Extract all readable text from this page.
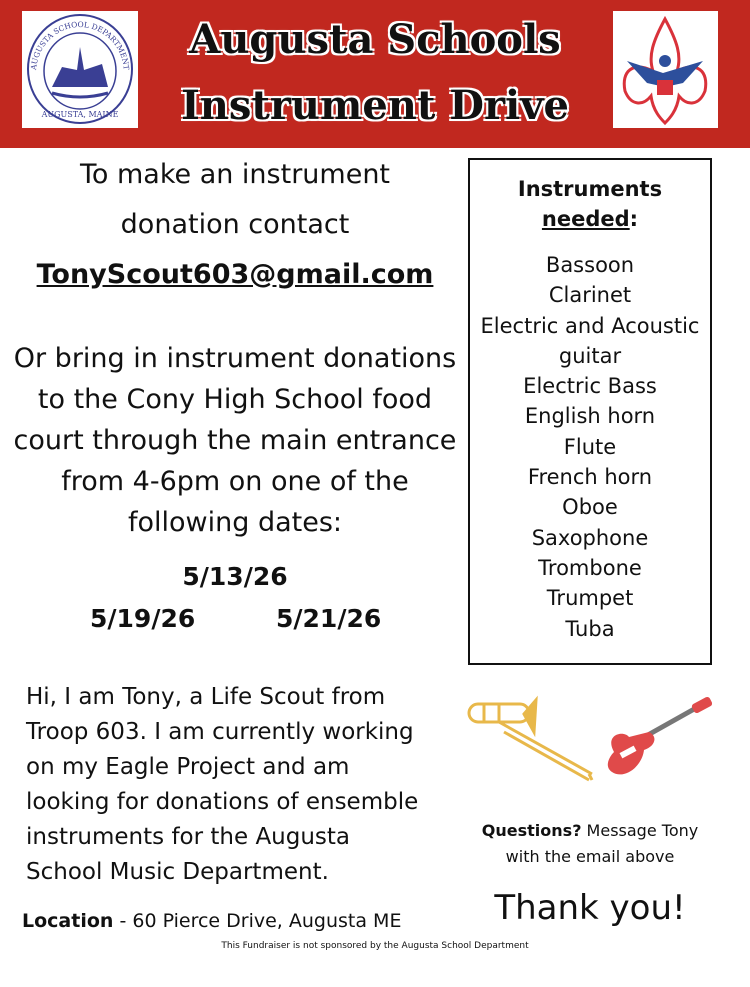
AUGUSTA SCHOOL DEPARTMENT
AUGUSTA, MAINE
Augusta Schools
Instrument Drive
To make an instrument
donation contact
TonyScout603@gmail.com
Or bring in instrument donations
to the Cony High School food
court through the main entrance
from 4-6pm on one of the
following dates:
5/13/26
5/19/26	5/21/26
Instruments
needed:
Bassoon
Clarinet
Electric and Acoustic
guitar
Electric Bass
English horn
Flute
French horn
Oboe
Saxophone
Trombone
Trumpet
Tuba
Hi, I am Tony, a Life Scout from
Troop 603. I am currently working
on my Eagle Project and am
looking for donations of ensemble
instruments for the Augusta
School Music Department.
Questions? Message Tony
with the email above
Thank you!
Location - 60 Pierce Drive, Augusta ME
This Fundraiser is not sponsored by the Augusta School Department
